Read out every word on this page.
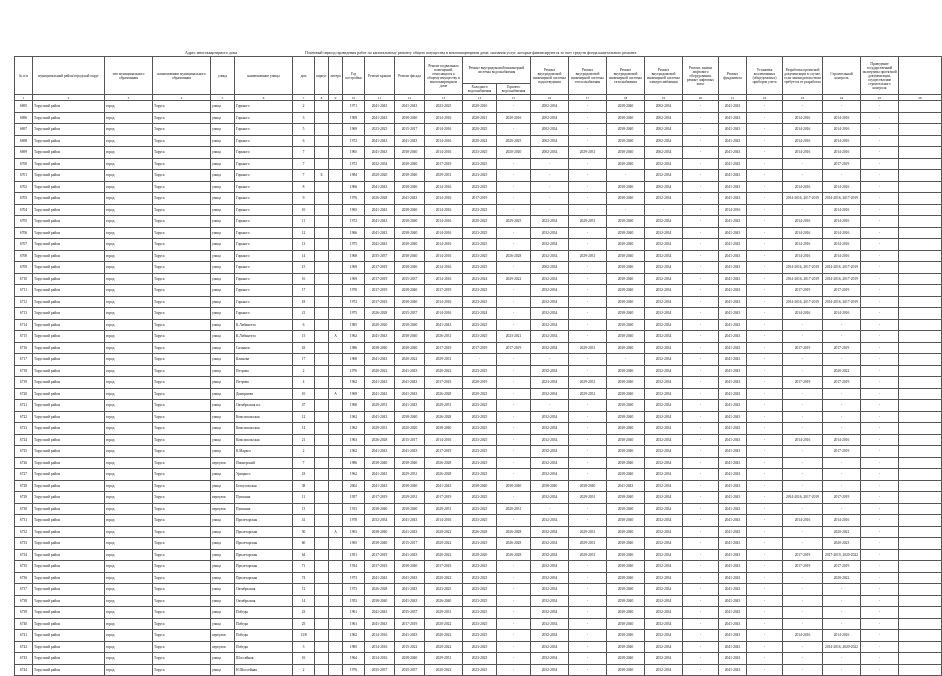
Адрес многоквартирного дома	Плановый период проведения работ по капитальному ремонту общего имущества в многоквартирном доме, оказания услуг, которые финансируются за счет средств фонда капитального ремонта
№ п/п	муниципальный район/городской округ	тип муниципального образования	наименование муниципального образования	улица	наименование улицы	дом	корпус	литера	Год постройки	Ремонт крыши	Ремонт фасада	Ремонт подвальных помещений, относящихся к общему имуществу в многоквартирном доме	Ремонт внутридомовой инженерной системы водоснабжения		Ремонт внутридомовой инженерной системы водоотведения	Ремонт внутридомовой инженерной системы теплоснабжения	Ремонт внутридомовой инженерной системы газоснабжения	Ремонт внутридомовой инженерной системы электроснабжения	Ремонт, замена лифтового оборудования, ремонт лифтовых шахт	Ремонт фундамента	Установка коллективных (общедомовых) приборов учета	Разработка проектной документации в случае, если законодательством требуется ее разработка	Строительный контроль	Проведение государственной экспертизы проектной документации, осуществление строительного контроля	
													Холодного водоснабжения	Горячего водоснабжения											
1	2	3	4	5	6	7	8	9	10	11	12	13	14	15	16	17	18	19	20	21	22	23	24	25	26
6695	Тарусский район	город	Таруса	улица	Горького	2			1971	2041-2043	2041-2043	2023-2025	2020-2016	-	2002-2034	-	2038-2040	2002-2034	-	2041-2043	-	-	-	-	
6696	Тарусский район	город	Таруса	улица	Горького	3			1969	2041-2043	2038-2040	2014-2016	2020-2021	2020-2016	2002-2034	-	2038-2040	2002-2034	-	2041-2043	-	2014-2016	2014-2016	-	
6697	Тарусский район	город	Таруса	улица	Горького	5			1969	2023-2025	2015-2017	2014-2016	2020-2025	-	2002-2034	-	2038-2040	2002-2034	-	2041-2043	-	2014-2016	2014-2016	-	
6698	Тарусский район	город	Таруса	улица	Горького	6			1972	2041-2043	2041-2043	2014-2016	2020-2024	2020-2025	2002-2034	-	2038-2040	2002-2034	-	2041-2043	-	2014-2016	2014-2016	-	
6699	Тарусский район	город	Таруса	улица	Горького	7			1965	2041-2043	2038-2040	2014-2016	2023-2025	2020-2020	2002-2034	2029-2031	2038-2040	2002-2034	-	2041-2043	-	2014-2016	2014-2016	-	
6700	Тарусский район	город	Таруса	улица	Горького	7			1972	2032-2034	2038-2040	2017-2019	2023-2025	-	-	-	2038-2040	2032-2034	-	2041-2043	-	-	2017-2019	-	
6701	Тарусский район	город	Таруса	улица	Горького	7	Б		1984	2020-2020	2038-2040	2029-2031	2023-2025	-	-	-	-	2032-2034	-	2041-2043	-	-	-	-	
6702	Тарусский район	город	Таруса	улица	Горького	8			1966	2041-2043	2038-2040	2014-2016	2023-2025	-	-	-	2038-2040	2002-2034	-	2041-2043	-	2014-2016	2014-2016	-	
6703	Тарусский район	город	Таруса	улица	Горького	9			1976	2026-2028	2041-2043	2014-2016	2017-2019	-	-	-	2038-2040	2032-2034	-	2041-2043	-	2014-2016, 2017-2019	2014-2016, 2017-2019	-	
6704	Тарусский район	город	Таруса	улица	Горького	10			1965	2041-2043	2038-2040	2014-2016	2023-2025	-	-	-	-	-	-	2014-2016	-	-	2014-2016	-	
6705	Тарусский район	город	Таруса	улица	Горького	11			1972	2041-2043	2038-2040	2014-2016	2020-2025	2029-2025	2023-2034	2029-2031	2038-2040	2032-2034	-	2041-2043	-	2014-2016	2014-2016	-	
6706	Тарусский район	город	Таруса	улица	Горького	12			1966	2041-2043	2038-2040	2014-2016	2023-2025	-	2032-2034	-	2038-2040	2032-2034	-	2041-2043	-	2014-2016	2014-2016	-	
6707	Тарусский район	город	Таруса	улица	Горького	13			1975	2041-2043	2038-2040	2014-2016	2023-2025	-	2032-2034	-	2038-2040	2032-2034	-	2041-2043	-	2014-2016	2014-2016	-	
6708	Тарусский район	город	Таруса	улица	Горького	14			1968	2035-2037	2038-2040	2014-2016	2023-2025	2026-2028	2032-2034	2029-2031	2038-2040	2032-2034	-	2041-2043	-	2014-2016	2014-2016	-	
6709	Тарусский район	город	Таруса	улица	Горького	15			1969	2017-2019	2038-2040	2014-2016	2023-2025	-	2002-2034	-	2038-2040	2032-2034	-	2041-2043	-	2014-2016, 2017-2019	2014-2016, 2017-2019	-	
6710	Тарусский район	город	Таруса	улица	Горького	16			1969	2017-2019	2035-2037	2014-2016	2023-2024	2029-2022	2032-2034	-	2038-2040	2032-2034	-	2041-2043	-	2014-2016, 2017-2019	2014-2016, 2017-2019	-	
6711	Тарусский район	город	Таруса	улица	Горького	17			1970	2017-2019	2038-2040	2017-2019	2023-2025	-	2032-2034	-	2038-2040	2032-2034	-	2041-2043	-	2017-2019	2017-2019	-	
6712	Тарусский район	город	Таруса	улица	Горького	18			1972	2017-2019	2038-2040	2014-2016	2023-2025	-	2032-2034	-	2038-2040	2032-2034	-	2041-2043	-	2014-2016, 2017-2019	2014-2016, 2017-2019	-	
6713	Тарусский район	город	Таруса	улица	Горького	21			1975	2026-2028	2035-2037	2014-2016	2023-2024	-	2032-2034	-	2038-2040	2032-2034	-	2041-2043	-	2014-2016	2014-2016	-	
6714	Тарусский район	город	Таруса	улица	К.Либкнехта	6			1985	2020-2020	2038-2040	2041-2043	2023-2025	-	2032-2034	-	2038-2040	2032-2034	-	2041-2043	-	-	-	-	
6715	Тарусский район	город	Таруса	улица	К.Либкнехта	15		А	1962	2041-2043	2038-2040	2026-2031	2023-2025	2023-2021	2032-2034	-	2038-2040	2032-2034	-	2041-2043	-	-	-	-	
6716	Тарусский район	город	Таруса	улица	Салынов	63			1986	2038-2040	2038-2040	2017-2019	2017-2019	2017-2019	2032-2034	2029-2031	2038-2040	2032-2034	-	2041-2043	-	2017-2019	2017-2019	-	
6717	Тарусский район	город	Таруса	улица	Клинова	17			1968	2041-2043	2020-2022	2029-2031	-	-	-	-	-	2032-2034	-	2041-2043	-	-	-	-	
6718	Тарусский район	город	Таруса	улица	Петрова	2			1976	2020-2022	2041-2043	2020-2022	2023-2025	-	2032-2034	-	2038-2040	2032-2034	-	2041-2043	-	-	2020-2022	-	
6719	Тарусский район	город	Таруса	улица	Петрова	4			1962	2041-2043	2041-2043	2017-2019	2020-2019	-	2023-2034	2029-2031	2038-2040	2032-2034	-	2041-2043	-	2017-2019	2017-2019	-	
6720	Тарусский район	город	Таруса	улица	Дмитриева	10		А	1969	2041-2043	2041-2043	2026-2028	2020-2025	-	2032-2034	2029-2031	2038-2040	2032-2034	-	2041-2043	-	-	-	-	
6721	Тарусский район	город	Таруса	улица	Октябрьская пл.	47			1968	2029-2031	2041-2043	2029-2031	2023-2025	-	-	-	2038-2040	2032-2034	-	2041-2043	-	-	-	-	
6722	Тарусский район	город	Таруса	улица	Комсомольская	12			1962	2041-2043	2038-2040	2026-2028	2023-2025	-	2032-2034	-	2038-2040	2032-2034	-	2041-2043	-	-	-	-	
6723	Тарусский район	город	Таруса	улица	Комсомольская	14			1962	2029-2031	2020-2020	2038-2040	2023-2025	-	2032-2034	-	2038-2040	2032-2034	-	2041-2043	-	-	-	-	
6724	Тарусский район	город	Таруса	улица	Комсомольская	21			1963	2026-2028	2015-2017	2014-2016	2023-2025	-	2032-2034	-	2038-2040	2032-2034	-	2041-2043	-	2014-2016	2014-2016	-	
6725	Тарусский район	город	Таруса	улица	К.Маркса	2			1962	2041-2043	2041-2043	2017-2019	2023-2025	-	2032-2034	-	2038-2040	2032-2034	-	2041-2043	-	-	2017-2019	-	
6726	Тарусский район	город	Таруса	переулок	Пионерский	7			1986	2038-2040	2038-2040	2026-2028	2023-2025	-	2032-2034	-	2038-2040	2032-2034	-	2041-2043	-	-	-	-	
6727	Тарусский район	город	Таруса	улица	Урицкого	18			1962	2041-2043	2029-2031	2026-2028	2023-2025	-	2032-2034	-	2038-2040	2032-2034	-	2041-2043	-	-	-	-	
6728	Тарусский район	город	Таруса	улица	Белоусовская	38			2002	2041-2043	2038-2040	2041-2043	2038-2040	2038-2040	2038-2040	2038-2040	2041-2043	2032-2034	-	2041-2043	-	-	-	-	
6729	Тарусский район	город	Таруса	переулок	Пушкина	11			1957	2017-2019	2029-2031	2017-2019	2023-2025	-	2032-2034	2029-2031	2038-2040	2032-2034	-	2041-2043	-	2014-2016, 2017-2019	2017-2019	-	
6730	Тарусский район	город	Таруса	переулок	Пушкина	13			1913	2038-2040	2038-2040	2029-2031	2023-2025	2020-2031	-	-	2038-2040	2032-2034	-	2041-2043	-	-	-	-	
6731	Тарусский район	город	Таруса	улица	Пролетарская	41			1978	2032-2034	2041-2043	2014-2016	2023-2025	-	2032-2034	-	2038-2040	2032-2034	-	2041-2043	-	2014-2016	2014-2016	-	
6732	Тарусский район	город	Таруса	улица	Пролетарская	50		А	1963	2038-2040	2041-2043	2020-2022	2026-2028	2026-2028	2032-2034	2029-2031	2038-2040	2032-2034	-	2041-2043	-	-	2020-2022	-	
6733	Тарусский район	город	Таруса	улица	Пролетарская	60			1965	2038-2040	2015-2017	2020-2022	2023-2025	2026-2028	2032-2034	2029-2031	2038-2040	2032-2034	-	2041-2043	-	-	2020-2023	-	
6734	Тарусский район	город	Таруса	улица	Пролетарская	64			1951	2017-2019	2041-2043	2020-2022	2020-2020	2026-2028	2032-2034	2029-2031	2038-2040	2032-2034	-	2041-2043	-	2017-2019	2017-2019, 2020-2022	-	
6735	Тарусский район	город	Таруса	улица	Пролетарская	71			1934	2017-2019	2038-2040	2017-2019	2023-2025	-	2032-2034	-	2038-2040	2032-2034	-	2041-2043	-	2017-2019	2017-2019	-	
6736	Тарусский район	город	Таруса	улица	Пролетарская	74			1973	2041-2043	2041-2043	2020-2022	2023-2025	-	2032-2034	-	2038-2040	2032-2034	-	2041-2043	-	-	2020-2022	-	
6737	Тарусский район	город	Таруса	улица	Октябрьская	12			1973	2026-2028	2041-2043	2023-2025	2023-2025	-	2032-2034	-	2038-2040	2032-2034	-	2041-2043	-	-	-	-	
6738	Тарусский район	город	Таруса	улица	Октябрьская	14			1953	2038-2040	2041-2043	2026-2040	2023-2025	-	2032-2034	-	2038-2040	2032-2034	-	2041-2043	-	-	-	-	
6739	Тарусский район	город	Таруса	улица	Победы	23			1961	2041-2043	2035-2037	2029-2031	2023-2025	-	2032-2034	-	2038-2040	2032-2034	-	2041-2043	-	-	-	-	
6740	Тарусский район	город	Таруса	улица	Победы	25			1961	2041-2043	2017-2019	2020-2022	2023-2025	-	2032-2034	-	2038-2040	2032-2034	-	2041-2043	-	-	-	-	
6741	Тарусский район	город	Таруса	переулок	Победы	13/8			1962	2014-2016	2041-2043	2020-2022	2023-2025	-	2032-2034	-	2038-2040	2032-2034	-	2041-2043	-	2014-2016	2014-2016	-	
6742	Тарусский район	город	Таруса	переулок	Победы	3			1985	2014-2016	2015-2022	2020-2022	2023-2025	-	2032-2034	-	2038-2040	2032-2034	-	2041-2043	-	-	2014-2016, 2020-2022	-	
6743	Тарусский район	город	Таруса	улица	Шоссейная	16			1964	2014-2016	2038-2040	2029-2031	2023-2025	-	2032-2034	-	2038-2040	2032-2034	-	2041-2043	-	-	-	-	
6744	Тарусский район	город	Таруса	улица	Н.Шоссейная	2			1976	2035-2037	2035-2037	2020-2022	2023-2025	-	2032-2034	-	2038-2040	2032-2034	-	2041-2043	-	-	-	-	
